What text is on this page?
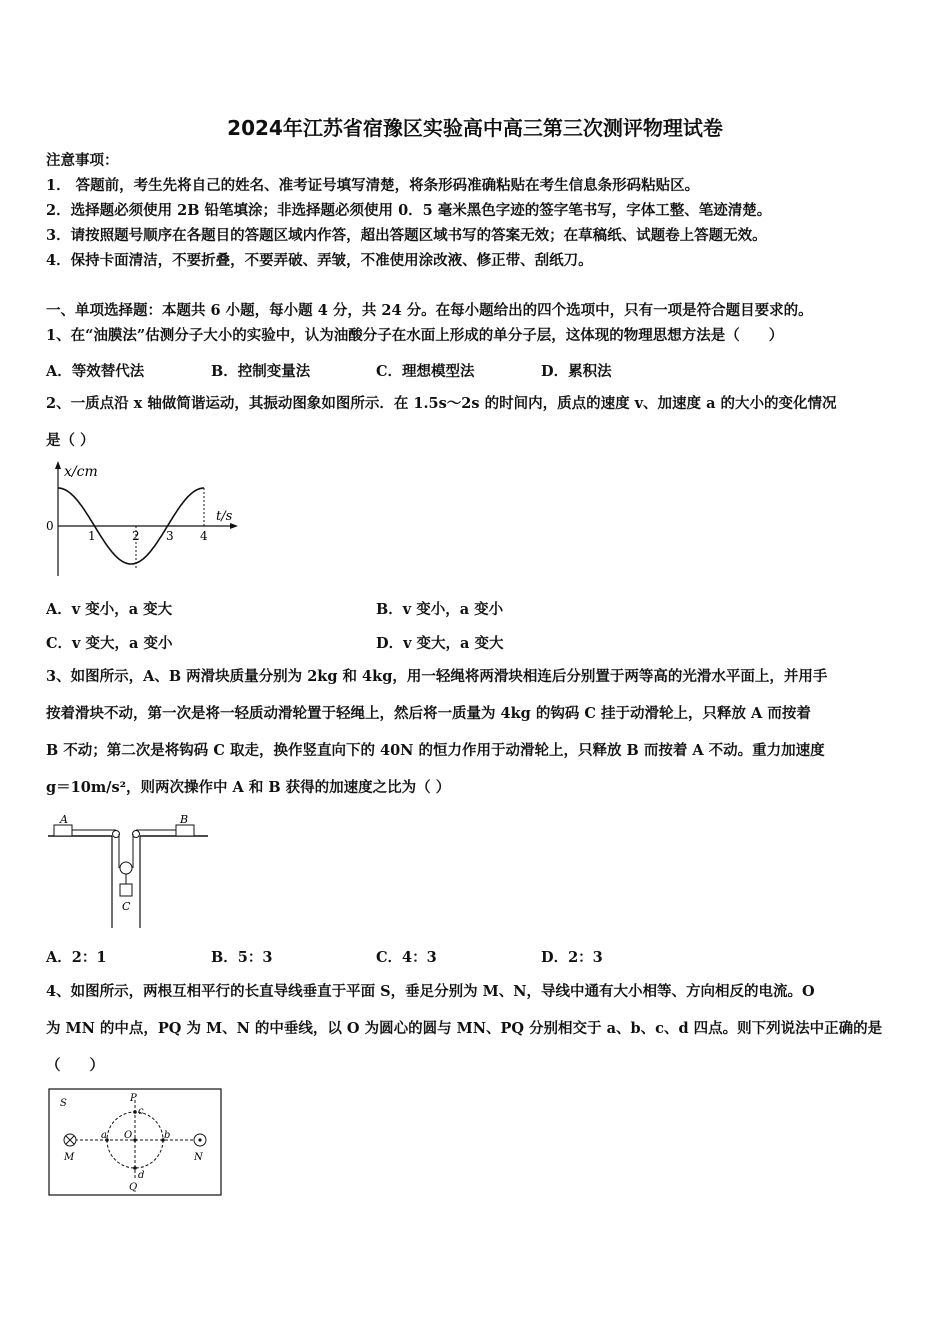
2024年江苏省宿豫区实验高中高三第三次测评物理试卷
注意事项：
1． 答题前，考生先将自己的姓名、准考证号填写清楚，将条形码准确粘贴在考生信息条形码粘贴区。
2．选择题必须使用 2B 铅笔填涂；非选择题必须使用 0．5 毫米黑色字迹的签字笔书写，字体工整、笔迹清楚。
3．请按照题号顺序在各题目的答题区域内作答，超出答题区域书写的答案无效；在草稿纸、试题卷上答题无效。
4．保持卡面清洁，不要折叠，不要弄破、弄皱，不准使用涂改液、修正带、刮纸刀。
一、单项选择题：本题共 6 小题，每小题 4 分，共 24 分。在每小题给出的四个选项中，只有一项是符合题目要求的。
1、在“油膜法”估测分子大小的实验中，认为油酸分子在水面上形成的单分子层，这体现的物理思想方法是（　　）
A．等效替代法	B．控制变量法	C．理想模型法	D．累积法
2、一质点沿 x 轴做简谐运动，其振动图象如图所示．在 1.5s～2s 的时间内，质点的速度 v、加速度 a 的大小的变化情况
是（ ）
x/cm
t/s
0
1	2 3 4
A．v 变小，a 变大	B．v 变小，a 变小
C．v 变大，a 变小	D．v 变大，a 变大
3、如图所示，A、B 两滑块质量分别为 2kg 和 4kg，用一轻绳将两滑块相连后分别置于两等高的光滑水平面上，并用手
按着滑块不动，第一次是将一轻质动滑轮置于轻绳上，然后将一质量为 4kg 的钩码 C 挂于动滑轮上，只释放 A 而按着
B 不动；第二次是将钩码 C 取走，换作竖直向下的 40N 的恒力作用于动滑轮上，只释放 B 而按着 A 不动。重力加速度
g＝10m/s²，则两次操作中 A 和 B 获得的加速度之比为（ ）
A	B
C
A．2：1	B．5：3	C．4：3	D．2：3
4、如图所示，两根互相平行的长直导线垂直于平面 S，垂足分别为 M、N，导线中通有大小相等、方向相反的电流。O
为 MN 的中点，PQ 为 M、N 的中垂线，以 O 为圆心的圆与 MN、PQ 分别相交于 a、b、c、d 四点。则下列说法中正确的是
（　　）
S
M	N
P
Q
O
a	b
c
d
